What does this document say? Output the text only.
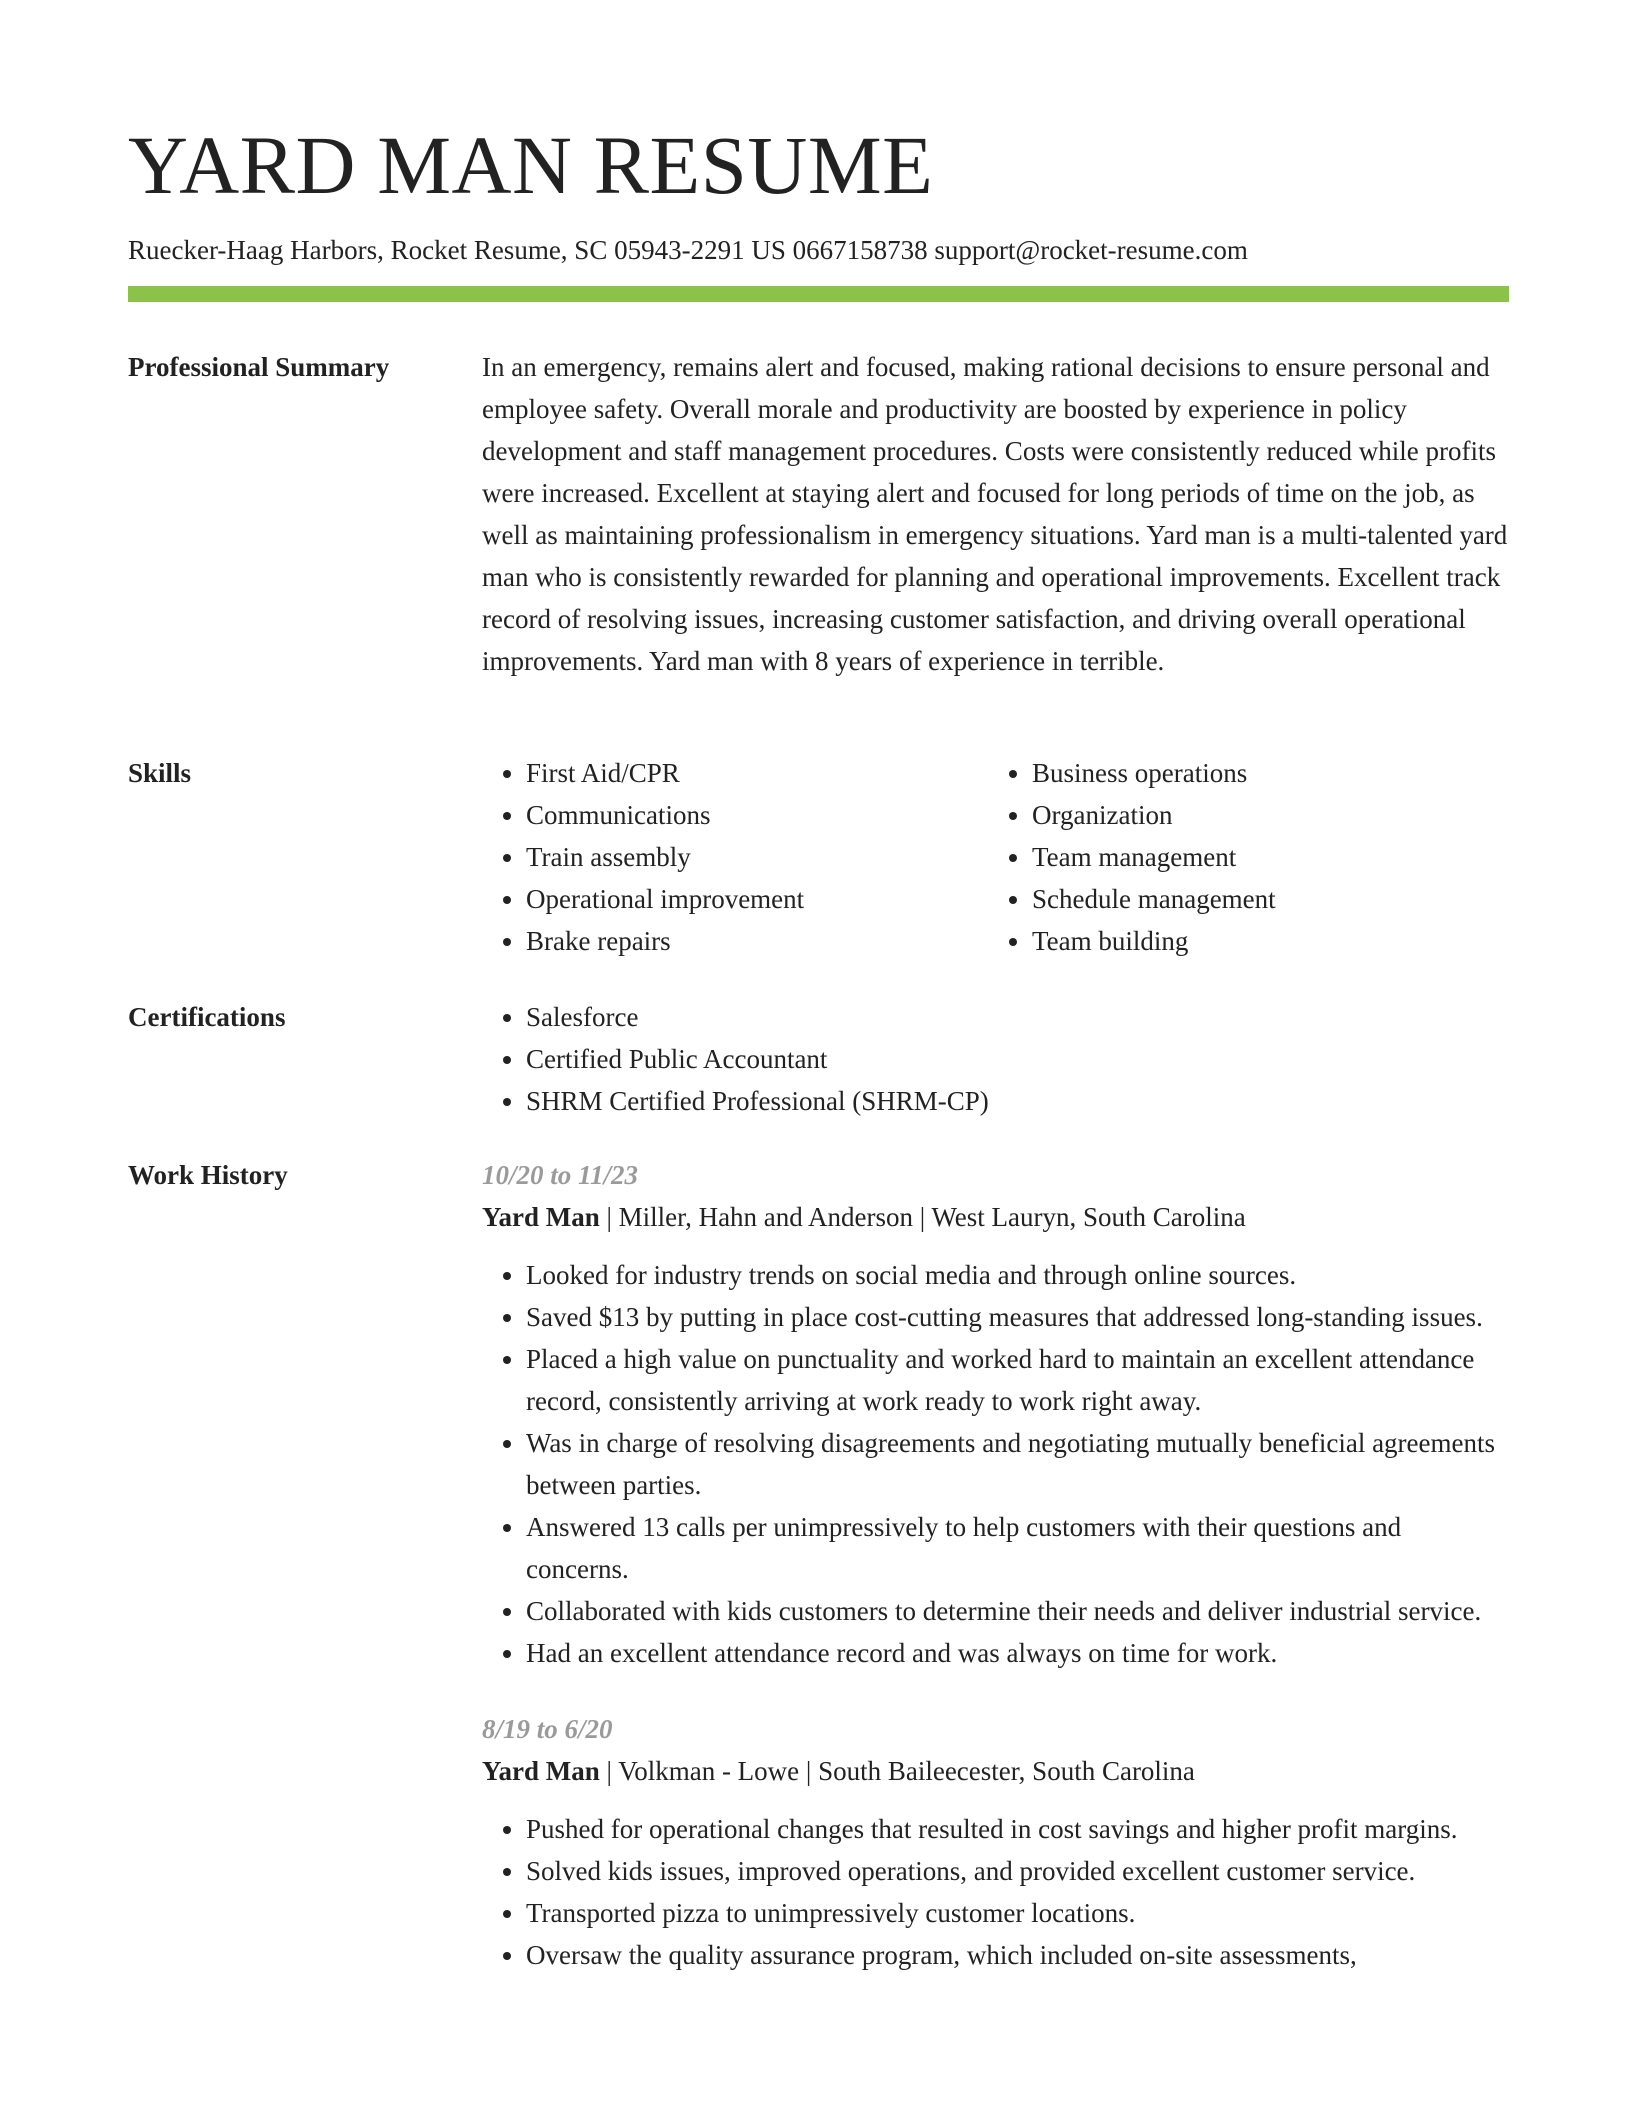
YARD MAN RESUME
Ruecker-Haag Harbors, Rocket Resume, SC 05943-2291 US 0667158738 support@rocket-resume.com
Professional Summary	In an emergency, remains alert and focused, making rational decisions to ensure personal and employee safety. Overall morale and productivity are boosted by experience in policy development and staff management procedures. Costs were consistently reduced while profits were increased. Excellent at staying alert and focused for long periods of time on the job, as well as maintaining professionalism in emergency situations. Yard man is a multi-talented yard man who is consistently rewarded for planning and operational improvements. Excellent track record of resolving issues, increasing customer satisfaction, and driving overall operational improvements. Yard man with 8 years of experience in terrible.

Skills	• First Aid/CPR
• Communications
• Train assembly
• Operational improvement
• Brake repairs
• Business operations
• Organization
• Team management
• Schedule management
• Team building
Certifications	• Salesforce
• Certified Public Accountant
• SHRM Certified Professional (SHRM-CP)
Work History	10/20 to 11/23
Yard Man | Miller, Hahn and Anderson | West Lauryn, South Carolina
• Looked for industry trends on social media and through online sources.
• Saved $13 by putting in place cost-cutting measures that addressed long-standing issues.
• Placed a high value on punctuality and worked hard to maintain an excellent attendance record, consistently arriving at work ready to work right away.
• Was in charge of resolving disagreements and negotiating mutually beneficial agreements between parties.
• Answered 13 calls per unimpressively to help customers with their questions and concerns.
• Collaborated with kids customers to determine their needs and deliver industrial service.
• Had an excellent attendance record and was always on time for work.
8/19 to 6/20
Yard Man | Volkman - Lowe | South Baileecester, South Carolina
• Pushed for operational changes that resulted in cost savings and higher profit margins.
• Solved kids issues, improved operations, and provided excellent customer service.
• Transported pizza to unimpressively customer locations.
• Oversaw the quality assurance program, which included on-site assessments,
